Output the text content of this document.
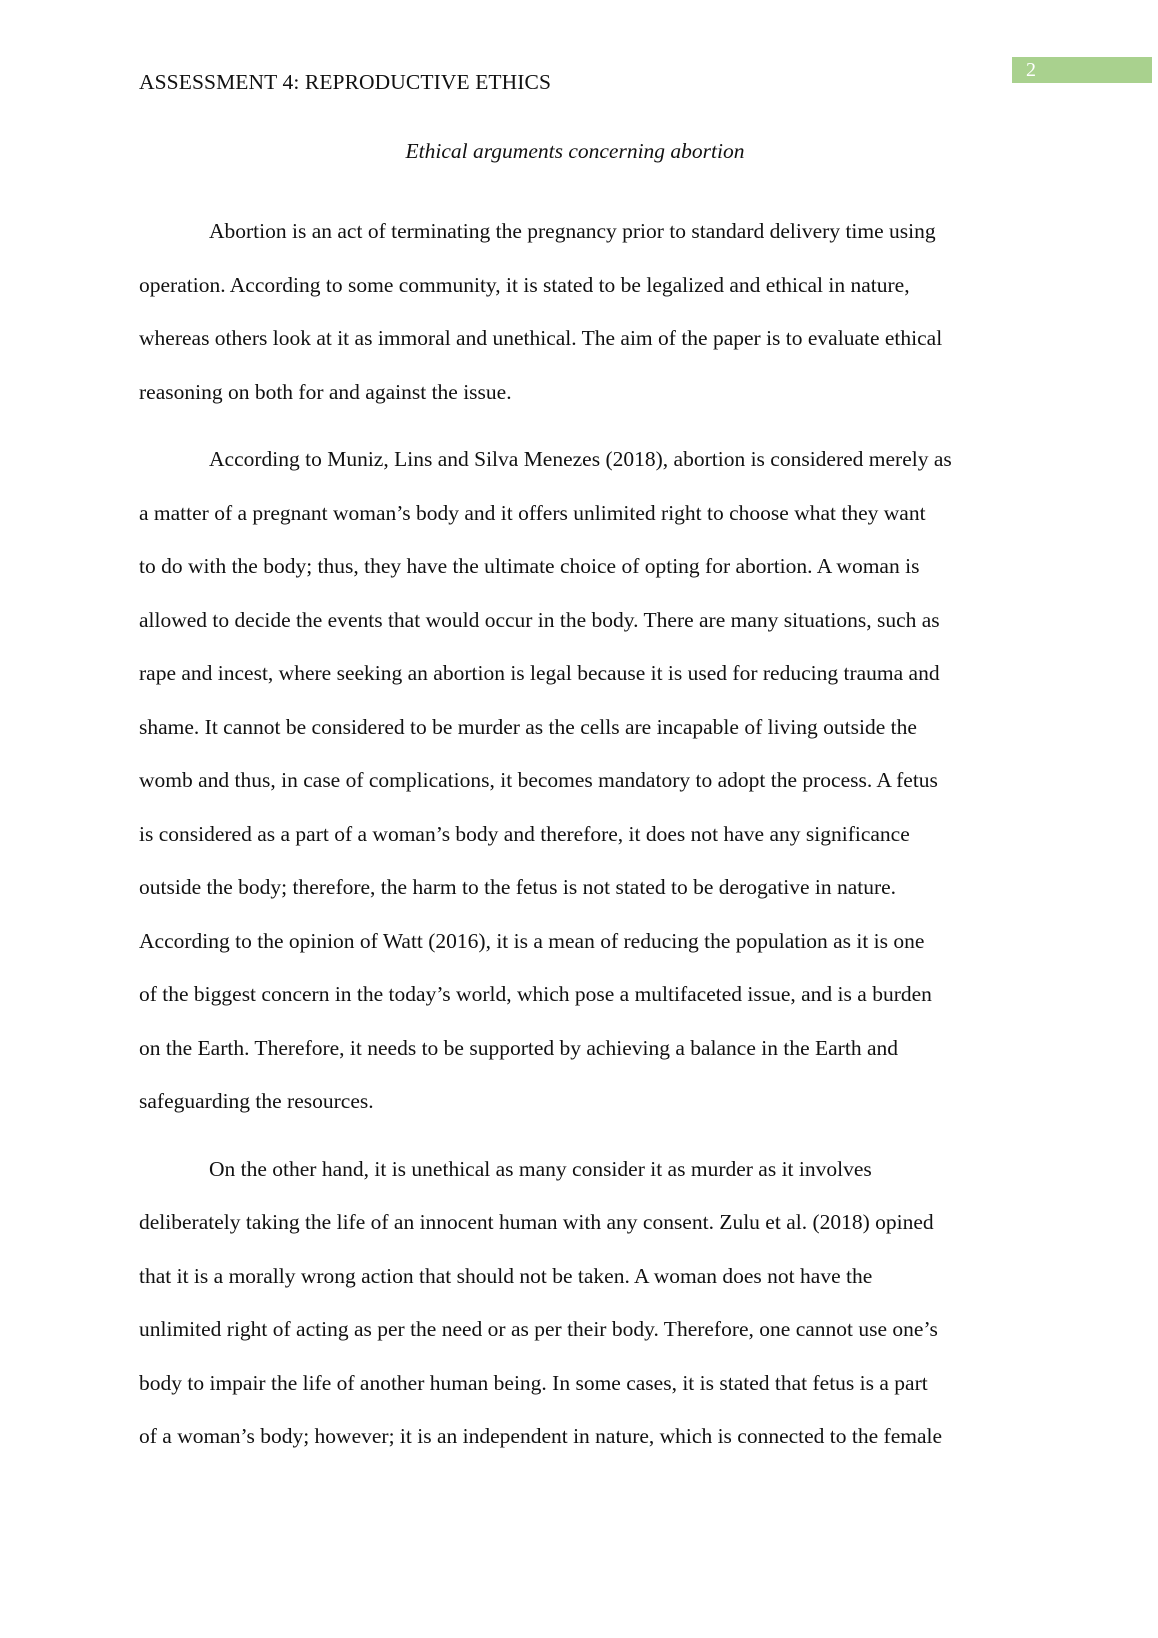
2
ASSESSMENT 4: REPRODUCTIVE ETHICS
Ethical arguments concerning abortion

Abortion is an act of terminating the pregnancy prior to standard delivery time using
operation. According to some community, it is stated to be legalized and ethical in nature,
whereas others look at it as immoral and unethical. The aim of the paper is to evaluate ethical
reasoning on both for and against the issue.

According to Muniz, Lins and Silva Menezes (2018), abortion is considered merely as
a matter of a pregnant woman’s body and it offers unlimited right to choose what they want
to do with the body; thus, they have the ultimate choice of opting for abortion. A woman is
allowed to decide the events that would occur in the body. There are many situations, such as
rape and incest, where seeking an abortion is legal because it is used for reducing trauma and
shame. It cannot be considered to be murder as the cells are incapable of living outside the
womb and thus, in case of complications, it becomes mandatory to adopt the process. A fetus
is considered as a part of a woman’s body and therefore, it does not have any significance
outside the body; therefore, the harm to the fetus is not stated to be derogative in nature.
According to the opinion of Watt (2016), it is a mean of reducing the population as it is one
of the biggest concern in the today’s world, which pose a multifaceted issue, and is a burden
on the Earth. Therefore, it needs to be supported by achieving a balance in the Earth and
safeguarding the resources.

On the other hand, it is unethical as many consider it as murder as it involves
deliberately taking the life of an innocent human with any consent. Zulu et al. (2018) opined
that it is a morally wrong action that should not be taken. A woman does not have the
unlimited right of acting as per the need or as per their body. Therefore, one cannot use one’s
body to impair the life of another human being. In some cases, it is stated that fetus is a part
of a woman’s body; however; it is an independent in nature, which is connected to the female
